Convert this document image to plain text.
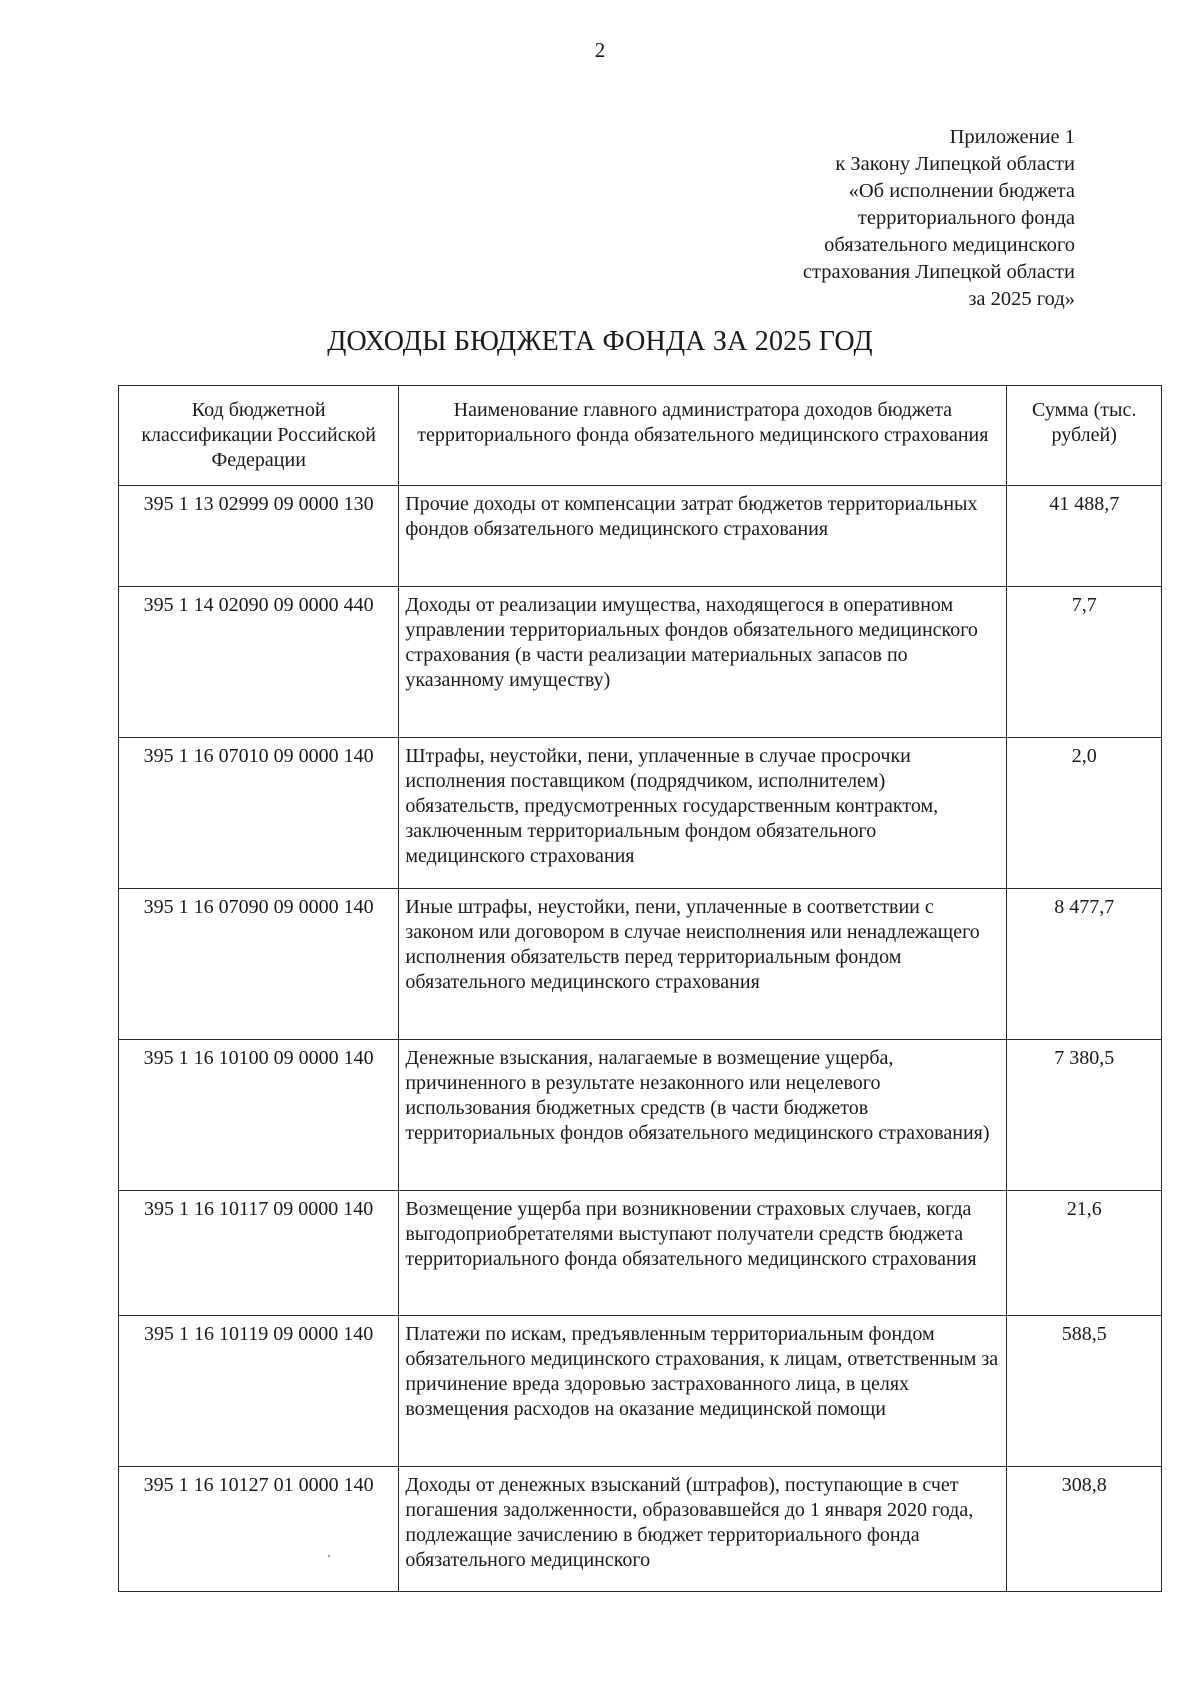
2
Приложение 1
к Закону Липецкой области
«Об исполнении бюджета
территориального фонда
обязательного медицинского
страхования Липецкой области
за 2025 год»
ДОХОДЫ БЮДЖЕТА ФОНДА ЗА 2025 ГОД
Код бюджетной классификации Российской Федерации	Наименование главного администратора доходов бюджета территориального фонда обязательного медицинского страхования	Сумма (тыс. рублей)
395 1 13 02999 09 0000 130	Прочие доходы от компенсации затрат бюджетов территориальных фондов обязательного медицинского страхования	41 488,7
395 1 14 02090 09 0000 440	Доходы от реализации имущества, находящегося в оперативном управлении территориальных фондов обязательного медицинского страхования (в части реализации материальных запасов по указанному имуществу)	7,7
395 1 16 07010 09 0000 140	Штрафы, неустойки, пени, уплаченные в случае просрочки исполнения поставщиком (подрядчиком, исполнителем) обязательств, предусмотренных государственным контрактом, заключенным территориальным фондом обязательного медицинского страхования	2,0
395 1 16 07090 09 0000 140	Иные штрафы, неустойки, пени, уплаченные в соответствии с законом или договором в случае неисполнения или ненадлежащего исполнения обязательств перед территориальным фондом обязательного медицинского страхования	8 477,7
395 1 16 10100 09 0000 140	Денежные взыскания, налагаемые в возмещение ущерба, причиненного в результате незаконного или нецелевого использования бюджетных средств (в части бюджетов территориальных фондов обязательного медицинского страхования)	7 380,5
395 1 16 10117 09 0000 140	Возмещение ущерба при возникновении страховых случаев, когда выгодоприобретателями выступают получатели средств бюджета территориального фонда обязательного медицинского страхования	21,6
395 1 16 10119 09 0000 140	Платежи по искам, предъявленным территориальным фондом обязательного медицинского страхования, к лицам, ответственным за причинение вреда здоровью застрахованного лица, в целях возмещения расходов на оказание медицинской помощи	588,5
395 1 16 10127 01 0000 140	Доходы от денежных взысканий (штрафов), поступающие в счет погашения задолженности, образовавшейся до 1 января 2020 года, подлежащие зачислению в бюджет территориального фонда обязательного медицинского	308,8
